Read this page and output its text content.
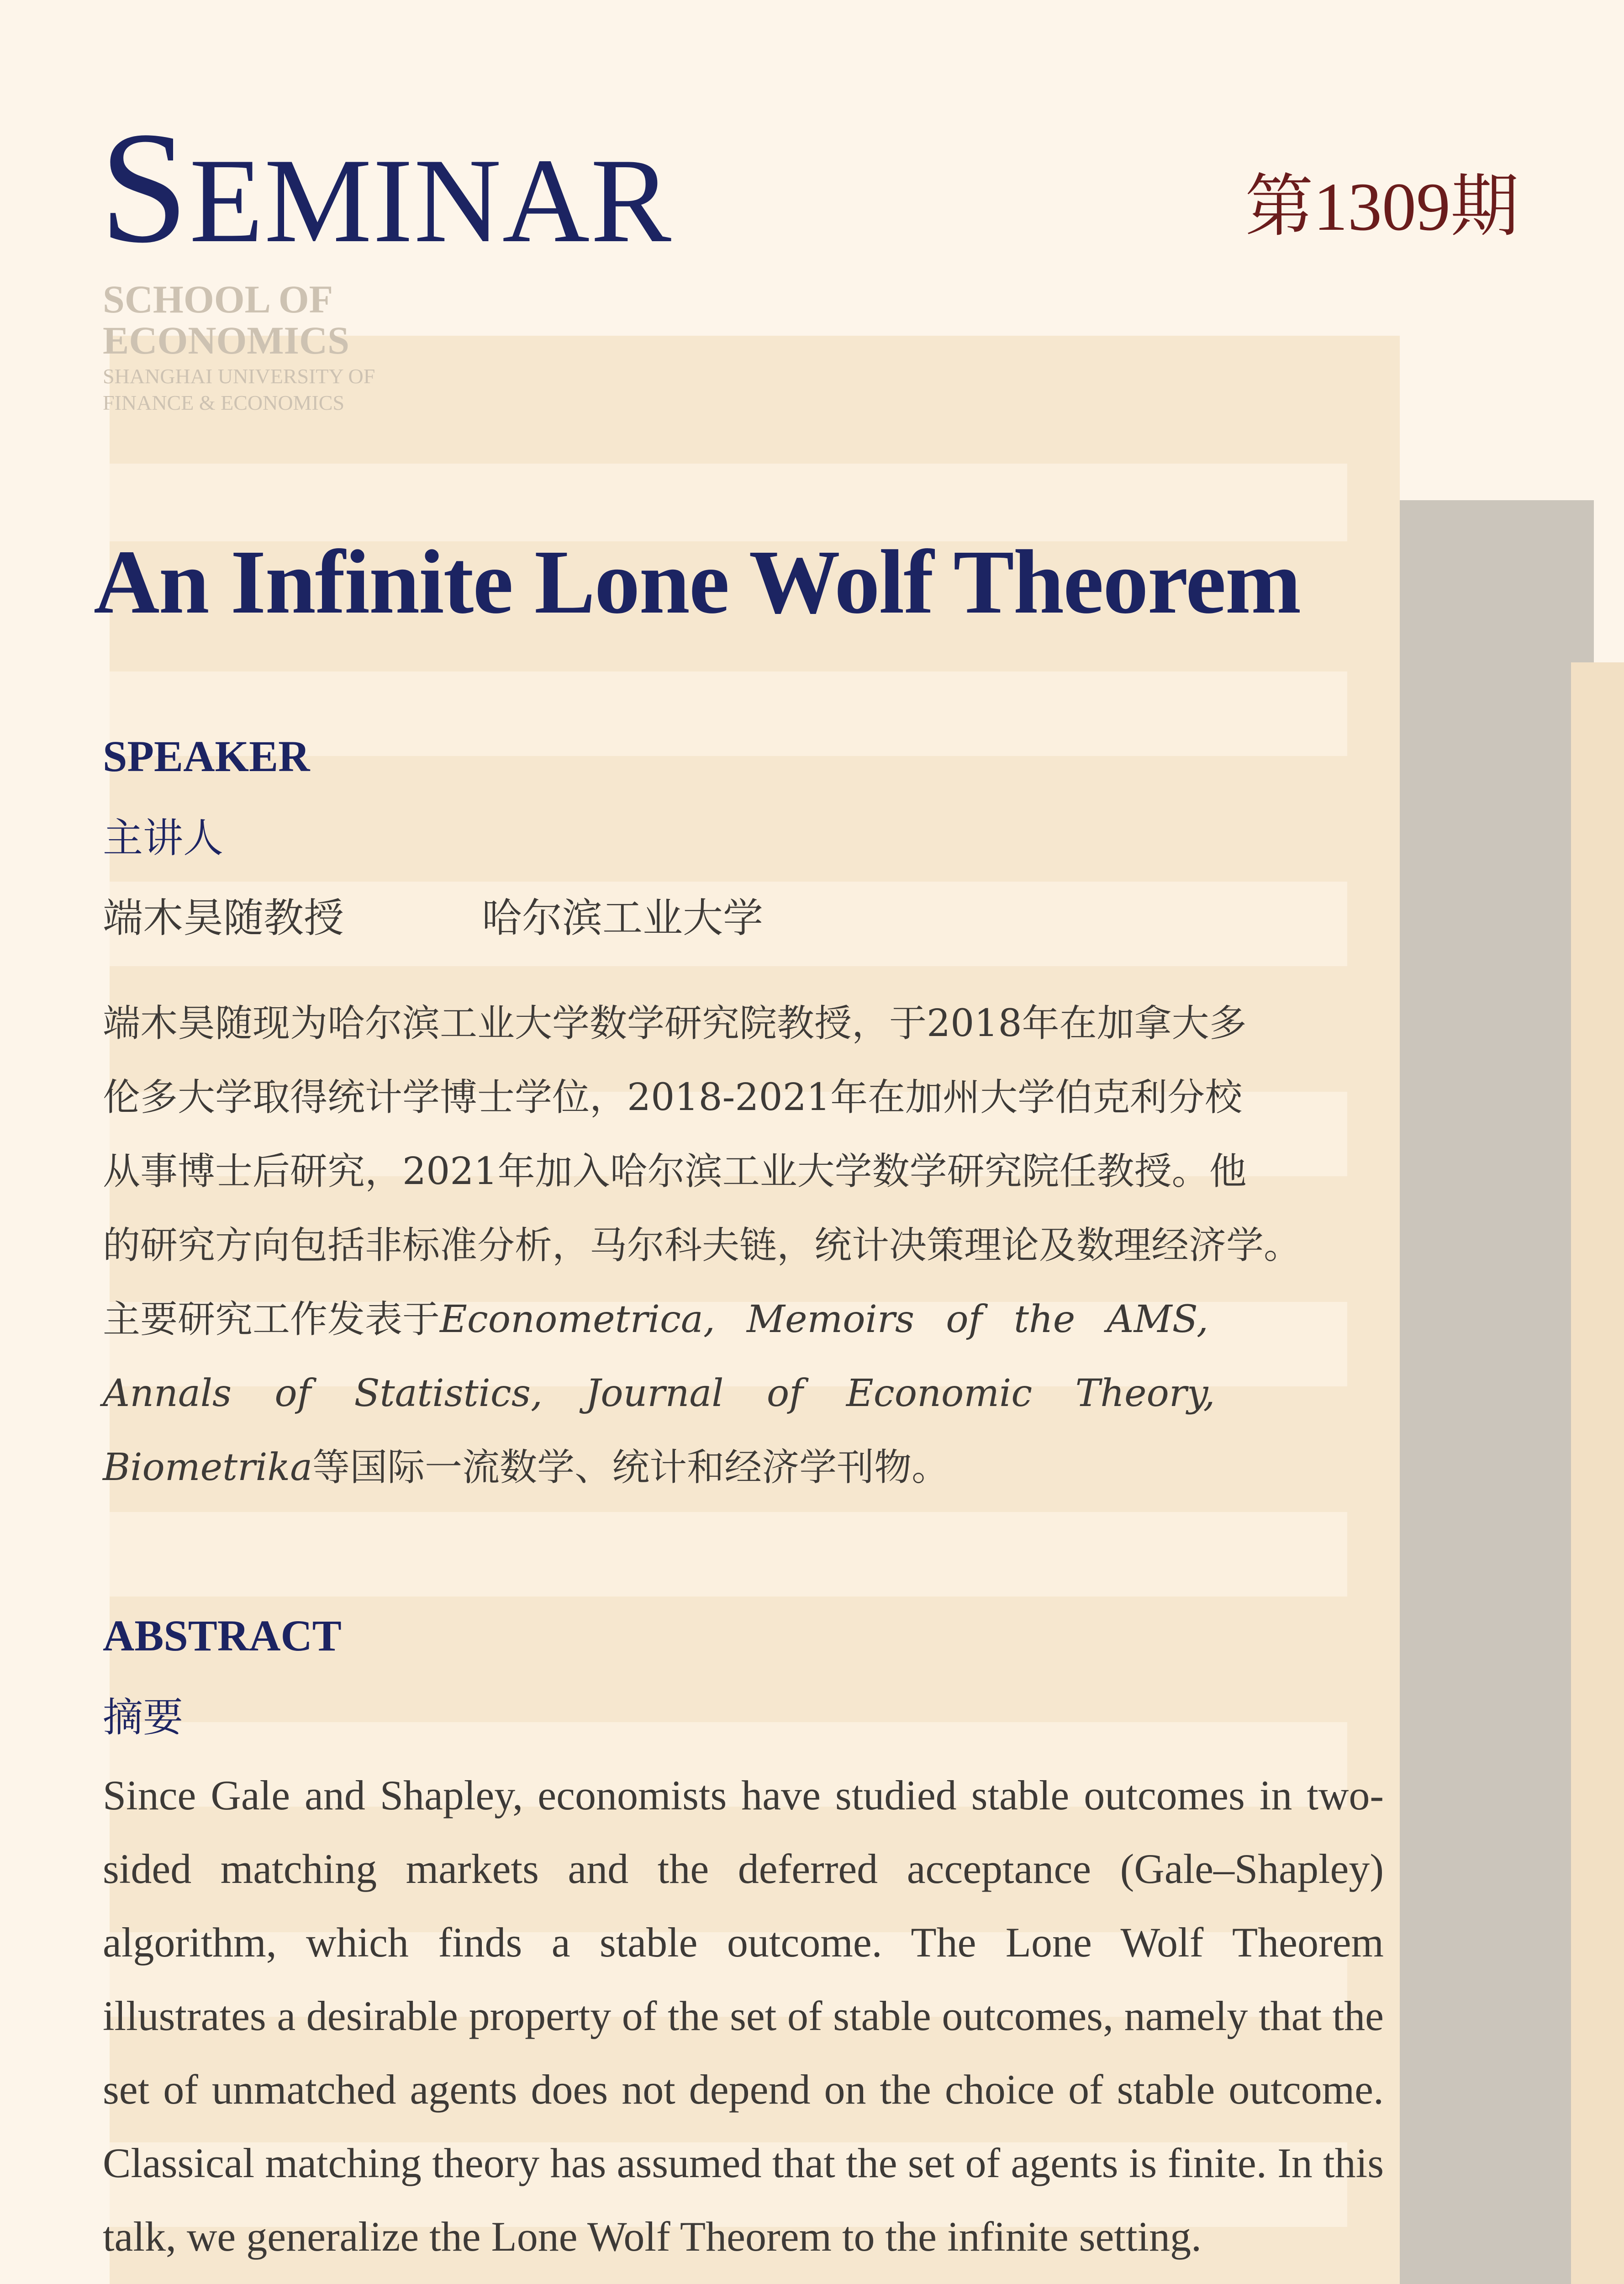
SEMINAR	第1309期
SCHOOL OF
ECONOMICS
SHANGHAI UNIVERSITY OF
FINANCE & ECONOMICS
An Infinite Lone Wolf Theorem
SPEAKER
主讲人
端木昊随教授	哈尔滨工业大学
端木昊随现为哈尔滨工业大学数学研究院教授，于2018年在加拿大多
伦多大学取得统计学博士学位，2018-2021年在加州大学伯克利分校
从事博士后研究，2021年加入哈尔滨工业大学数学研究院任教授。他
的研究方向包括非标准分析，马尔科夫链，统计决策理论及数理经济学。
主要研究工作发表于Econometrica, Memoirs of the AMS,
Annals of Statistics, Journal of Economic Theory,
Biometrika等国际一流数学、统计和经济学刊物。
ABSTRACT
摘要
Since Gale and Shapley, economists have studied stable outcomes in two-sided matching markets and the deferred acceptance (Gale–Shapley) algorithm, which finds a stable outcome. The Lone Wolf Theorem illustrates a desirable property of the set of stable outcomes, namely that the set of unmatched agents does not depend on the choice of stable outcome. Classical matching theory has assumed that the set of agents is finite. In this talk, we generalize the Lone Wolf Theorem to the infinite setting.
